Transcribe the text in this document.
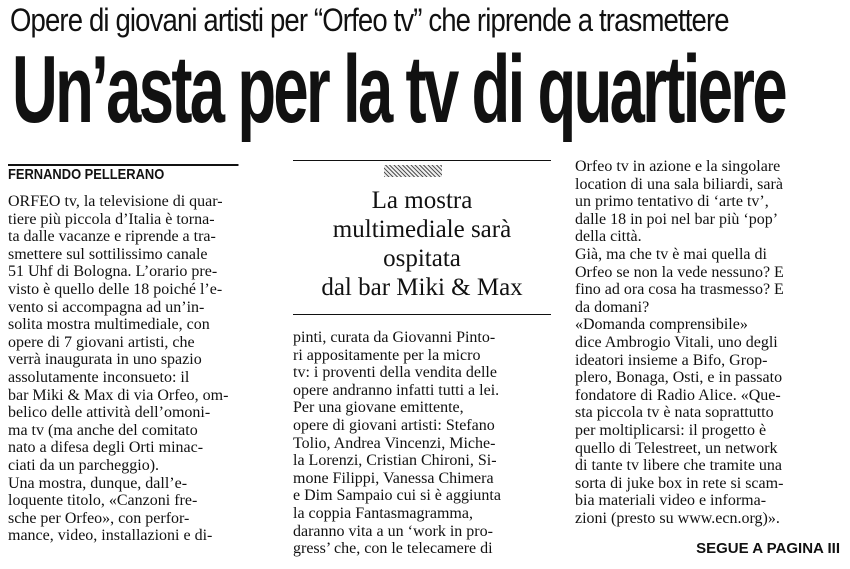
Opere di giovani artisti per “Orfeo tv” che riprende a trasmettere
Un’asta per la tv di quartiere
FERNANDO PELLERANO
ORFEO tv, la televisione di quar-
tiere più piccola d’Italia è torna-
ta dalle vacanze e riprende a tra-
smettere sul sottilissimo canale
51 Uhf di Bologna. L’orario pre-
visto è quello delle 18 poiché l’e-
vento si accompagna ad un’in-
solita mostra multimediale, con
opere di 7 giovani artisti, che
verrà inaugurata in uno spazio
assolutamente inconsueto: il
bar Miki & Max di via Orfeo, om-
belico delle attività dell’omoni-
ma tv (ma anche del comitato
nato a difesa degli Orti minac-
ciati da un parcheggio).
Una mostra, dunque, dall’e-
loquente titolo, «Canzoni fre-
sche per Orfeo», con perfor-
mance, video, installazioni e di-
La mostra
multimediale sarà
ospitata
dal bar Miki & Max
pinti, curata da Giovanni Pinto-
ri appositamente per la micro
tv: i proventi della vendita delle
opere andranno infatti tutti a lei.
Per una giovane emittente,
opere di giovani artisti: Stefano
Tolio, Andrea Vincenzi, Miche-
la Lorenzi, Cristian Chironi, Si-
mone Filippi, Vanessa Chimera
e Dim Sampaio cui si è aggiunta
la coppia Fantasmagramma,
daranno vita a un ‘work in pro-
gress’ che, con le telecamere di
Orfeo tv in azione e la singolare
location di una sala biliardi, sarà
un primo tentativo di ‘arte tv’,
dalle 18 in poi nel bar più ‘pop’
della città.
Già, ma che tv è mai quella di
Orfeo se non la vede nessuno? E
fino ad ora cosa ha trasmesso? E
da domani?
«Domanda comprensibile»
dice Ambrogio Vitali, uno degli
ideatori insieme a Bifo, Grop-
plero, Bonaga, Osti, e in passato
fondatore di Radio Alice. «Que-
sta piccola tv è nata soprattutto
per moltiplicarsi: il progetto è
quello di Telestreet, un network
di tante tv libere che tramite una
sorta di juke box in rete si scam-
bia materiali video e informa-
zioni (presto su www.ecn.org)».
SEGUE A PAGINA III
